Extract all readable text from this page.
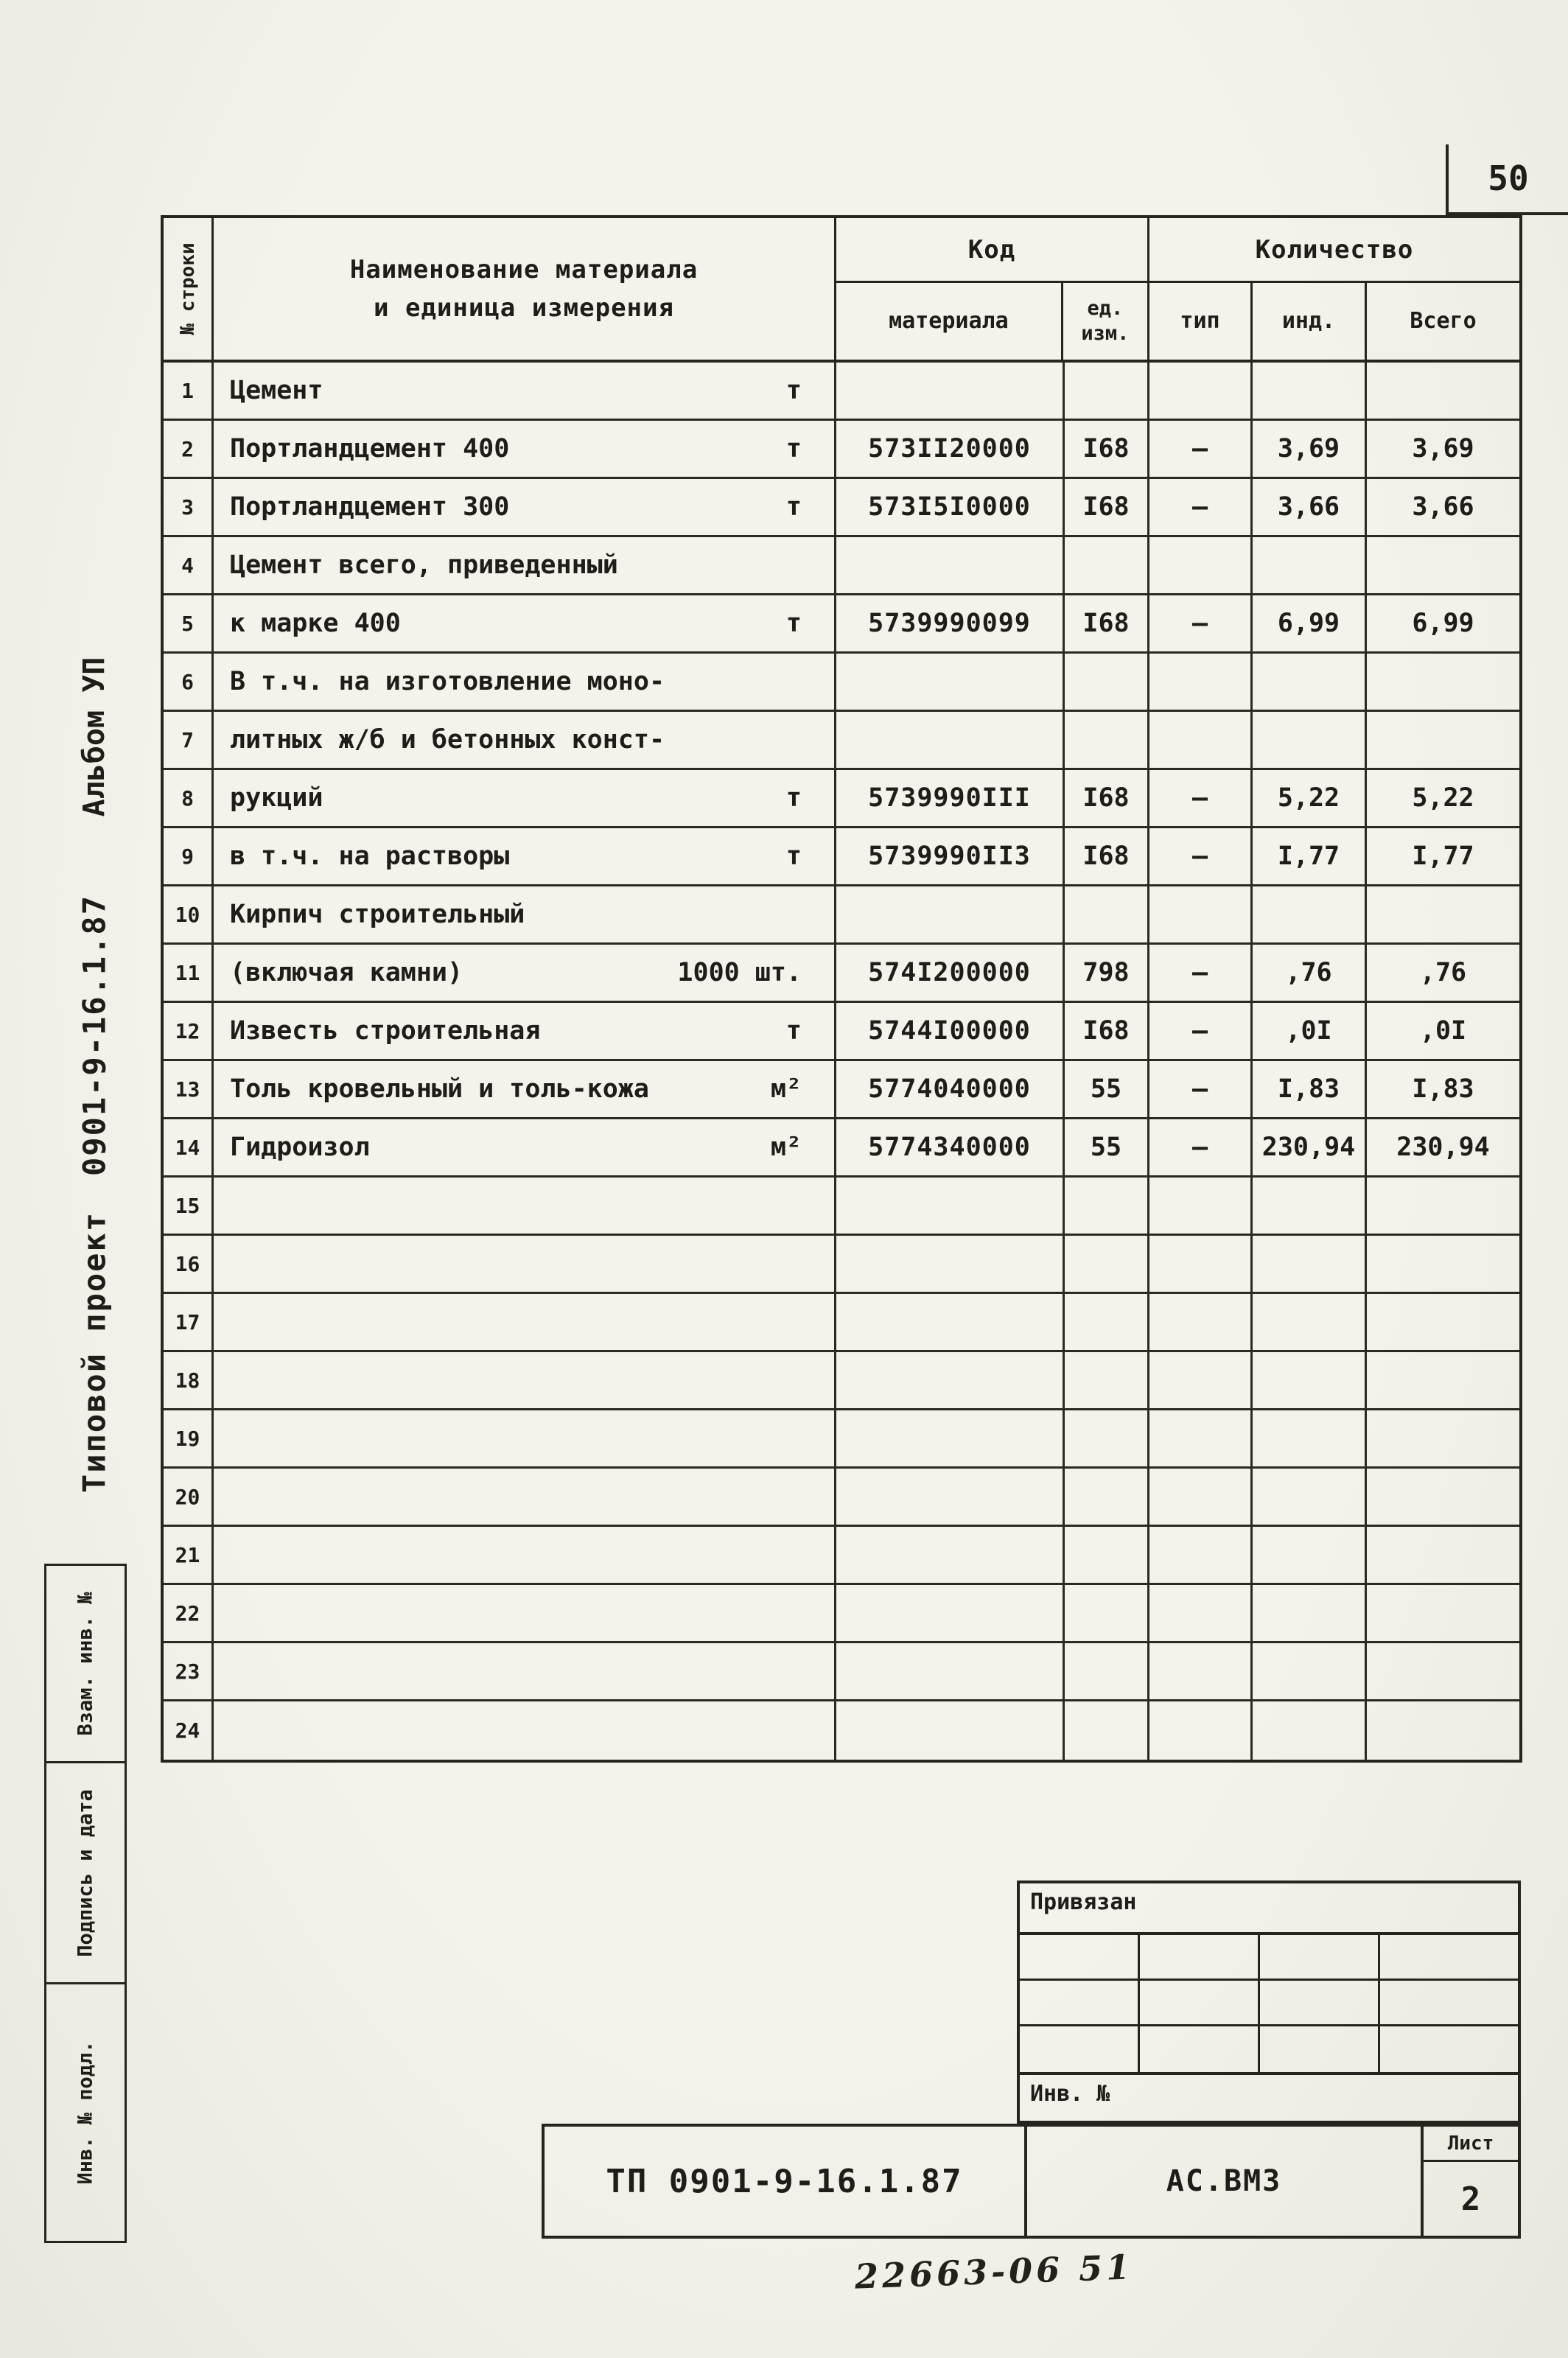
50
Альбом УП
0901-9-16.1.87
Типовой проект
Взам. инв. №
Подпись и дата
Инв. № подл.
№ строки	Наименование материала
и единица измерения
Код
материала	ед.
изм.
Количество
тип	инд.	Всего
1	Цемент	т
2	Портландцемент 400	т	573II20000	I68	–	3,69	3,69
3	Портландцемент 300	т	573I5I0000	I68	–	3,66	3,66
4	Цемент всего, приведенный
5	к марке 400	т	5739990099	I68	–	6,99	6,99
6	В т.ч. на изготовление моно-
7	литных ж/б и бетонных конст-
8	рукций	т	5739990III	I68	–	5,22	5,22
9	в т.ч. на растворы	т	5739990II3	I68	–	I,77	I,77
10	Кирпич строительный
11	(включая камни)	1000 шт.	574I200000	798	–	,76	,76
12	Известь строительная	т	5744I00000	I68	–	,0I	,0I
13	Толь кровельный и толь-кожа	м²	5774040000	55	–	I,83	I,83
14	Гидроизол	м²	5774340000	55	–	230,94	230,94
15
16
17
18
19
20
21
22
23
24
Привязан
Инв. №
ТП 0901-9-16.1.87	АС.ВМ3
Лист
2
22663-06 51
